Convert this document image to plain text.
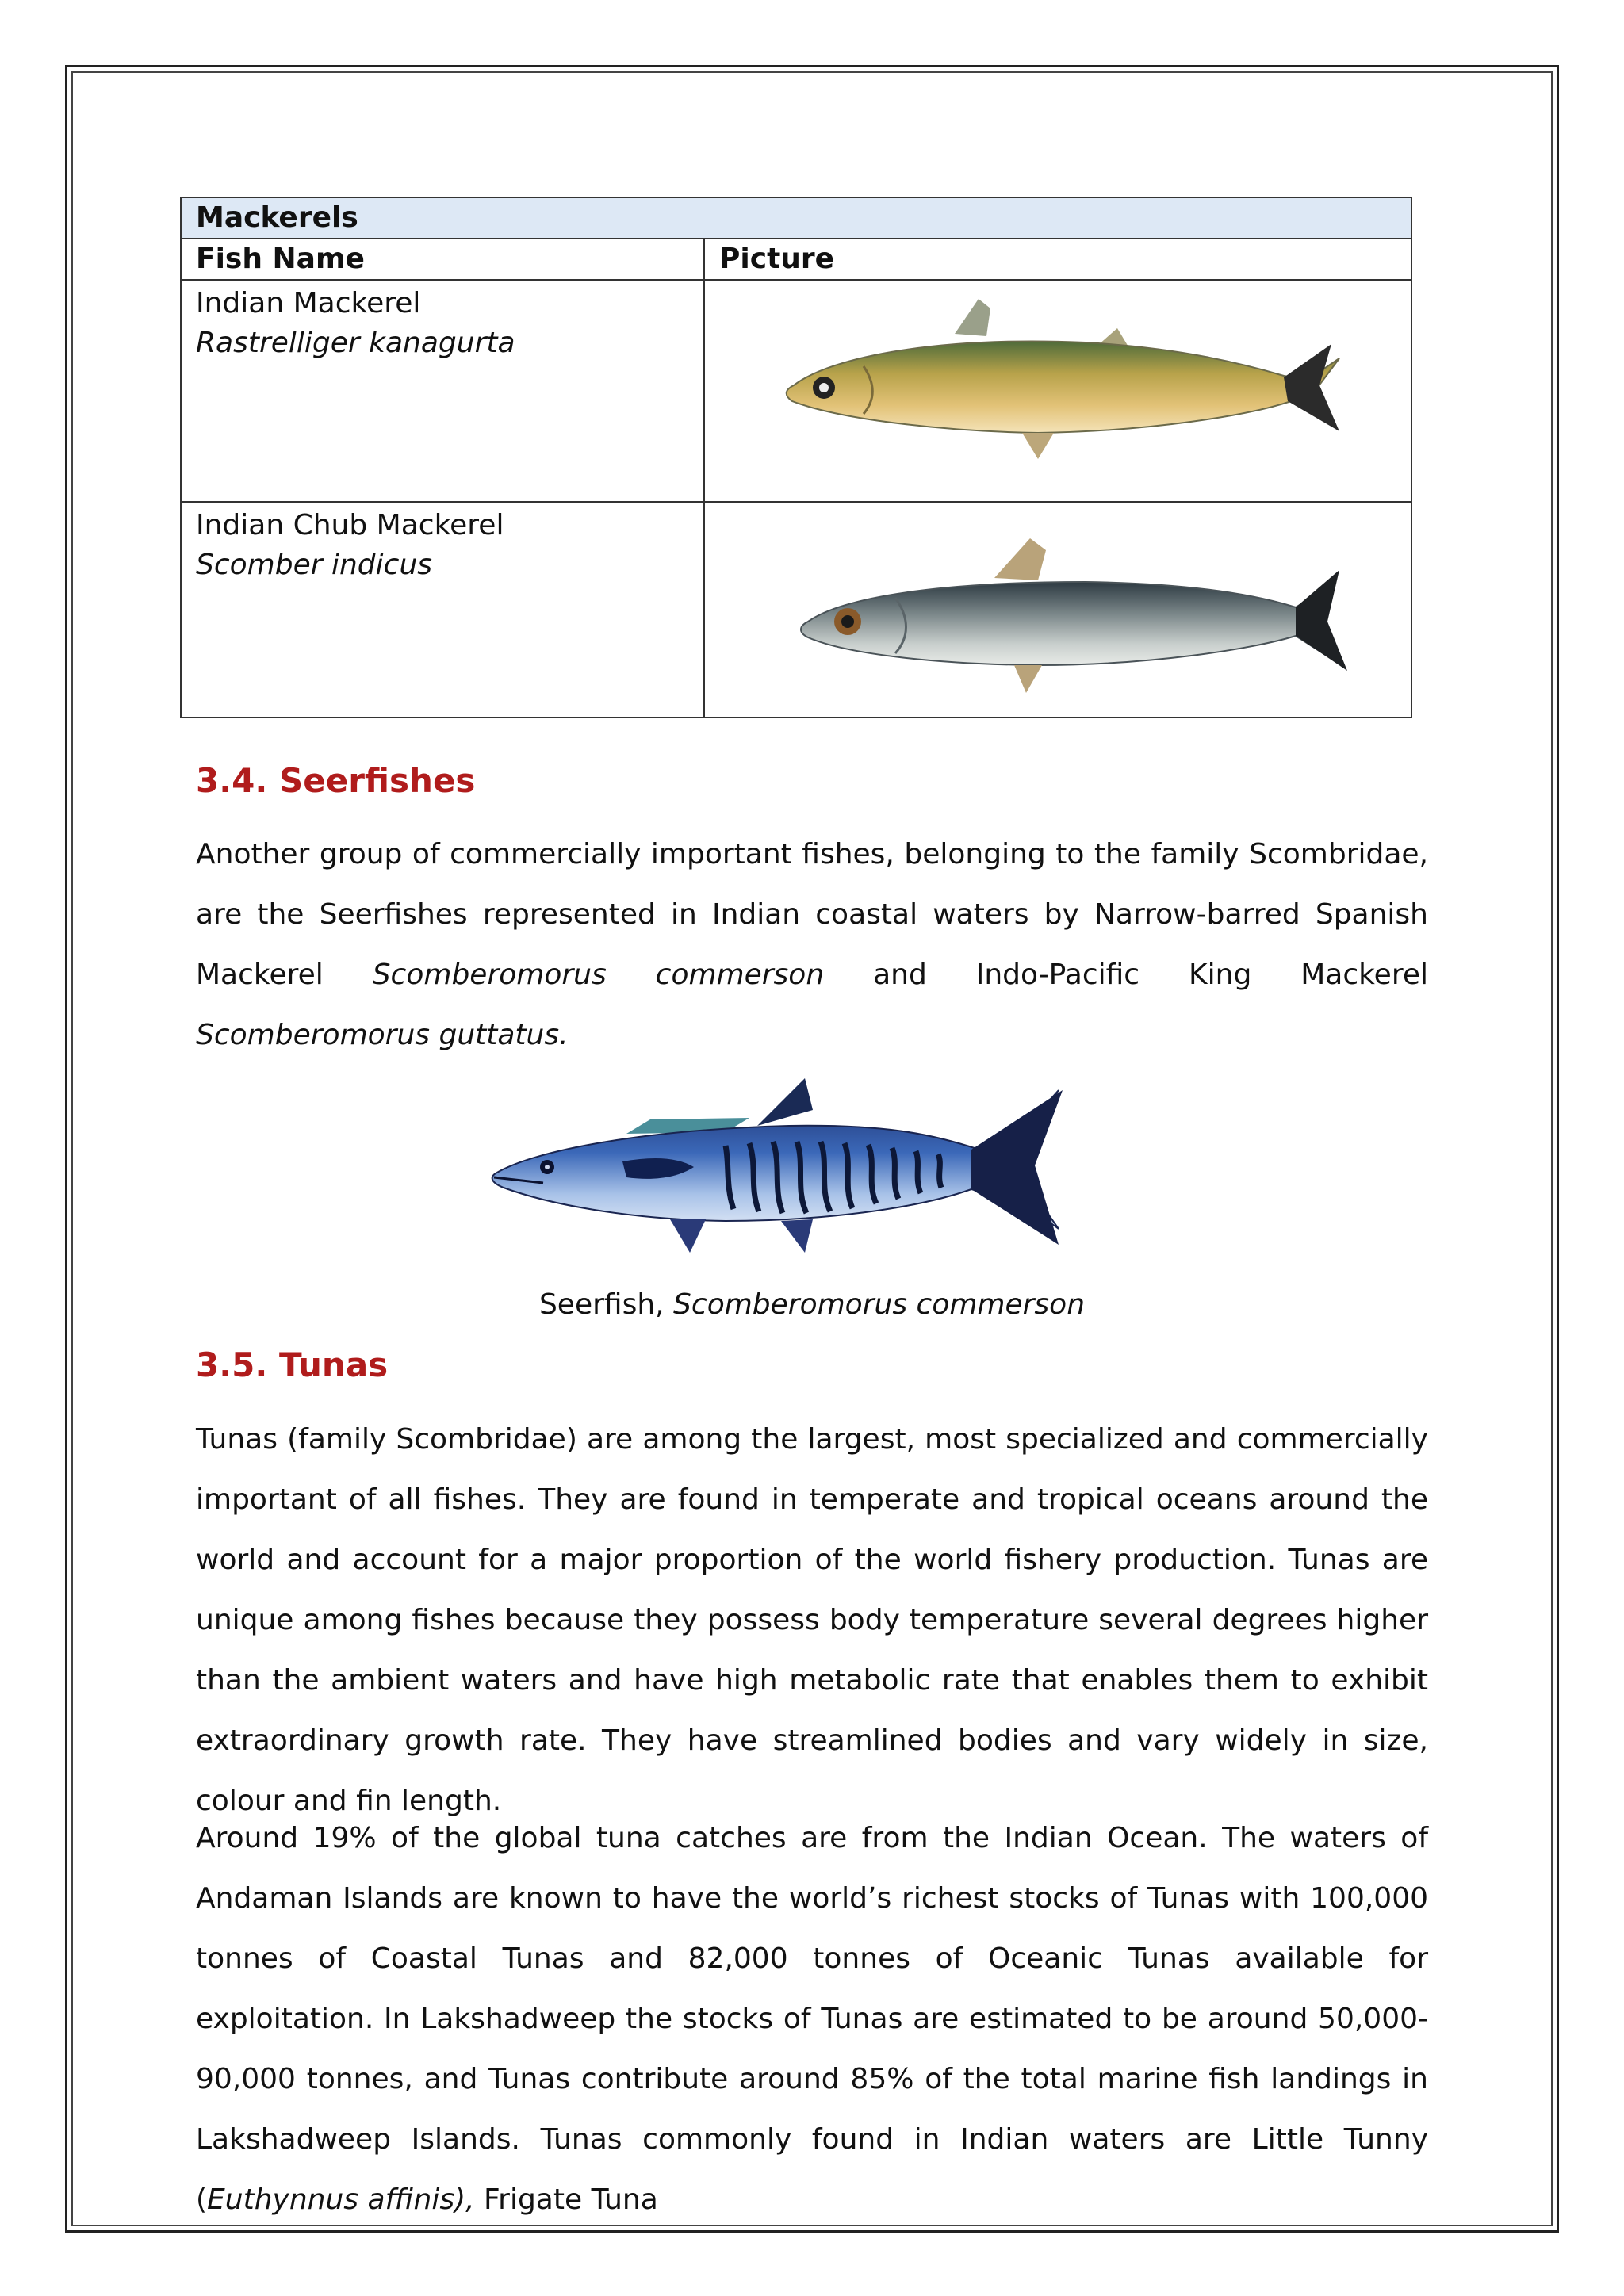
Mackerels	
Fish Name	Picture
Indian Mackerel
Rastrelliger kanagurta

Indian Chub Mackerel
Scomber indicus

3.4. Seerfishes

Another group of commercially important fishes, belonging to the family Scombridae, are the Seerfishes represented in Indian coastal waters by Narrow-barred Spanish Mackerel Scomberomorus commerson and Indo-Pacific King Mackerel Scomberomorus guttatus.

Seerfish, Scomberomorus commerson
3.5. Tunas

Tunas (family Scombridae) are among the largest, most specialized and commercially important of all fishes. They are found in temperate and tropical oceans around the world and account for a major proportion of the world fishery production. Tunas are unique among fishes because they possess body temperature several degrees higher than the ambient waters and have high metabolic rate that enables them to exhibit extraordinary growth rate. They have streamlined bodies and vary widely in size, colour and fin length.

Around 19% of the global tuna catches are from the Indian Ocean. The waters of Andaman Islands are known to have the world’s richest stocks of Tunas with 100,000 tonnes of Coastal Tunas and 82,000 tonnes of Oceanic Tunas available for exploitation. In Lakshadweep the stocks of Tunas are estimated to be around 50,000-90,000 tonnes, and Tunas contribute around 85% of the total marine fish landings in Lakshadweep Islands. Tunas commonly found in Indian waters are Little Tunny (Euthynnus affinis), Frigate Tuna
